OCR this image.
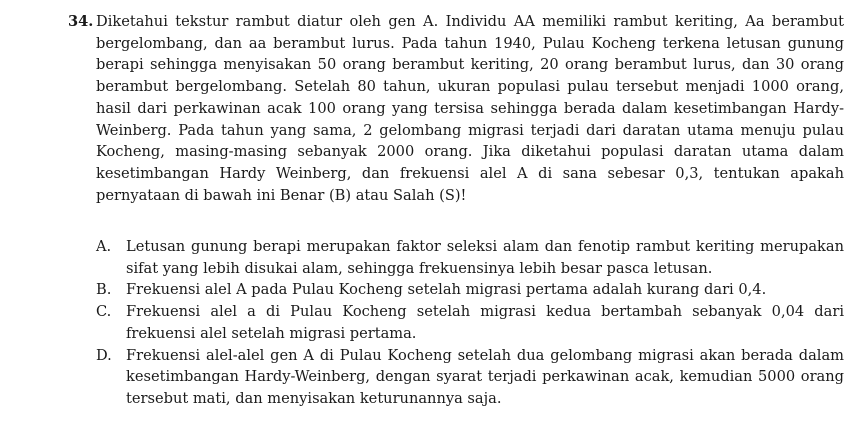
34. Diketahui tekstur rambut diatur oleh gen A. Individu AA memiliki rambut keriting, Aa berambut bergelombang, dan aa berambut lurus. Pada tahun 1940, Pulau Kocheng terkena letusan gunung berapi sehingga menyisakan 50 orang berambut keriting, 20 orang berambut lurus, dan 30 orang berambut bergelombang. Setelah 80 tahun, ukuran populasi pulau tersebut menjadi 1000 orang, hasil dari perkawinan acak 100 orang yang tersisa sehingga berada dalam kesetimbangan Hardy-Weinberg. Pada tahun yang sama, 2 gelombang migrasi terjadi dari daratan utama menuju pulau Kocheng, masing-masing sebanyak 2000 orang. Jika diketahui populasi daratan utama dalam kesetimbangan Hardy Weinberg, dan frekuensi alel A di sana sebesar 0,3, tentukan apakah pernyataan di bawah ini Benar (B) atau Salah (S)!
A. Letusan gunung berapi merupakan faktor seleksi alam dan fenotip rambut keriting merupakan sifat yang lebih disukai alam, sehingga frekuensinya lebih besar pasca letusan.
B. Frekuensi alel A pada Pulau Kocheng setelah migrasi pertama adalah kurang dari 0,4.
C. Frekuensi alel a di Pulau Kocheng setelah migrasi kedua bertambah sebanyak 0,04 dari frekuensi alel setelah migrasi pertama.
D. Frekuensi alel-alel gen A di Pulau Kocheng setelah dua gelombang migrasi akan berada dalam kesetimbangan Hardy-Weinberg, dengan syarat terjadi perkawinan acak, kemudian 5000 orang tersebut mati, dan menyisakan keturunannya saja.
